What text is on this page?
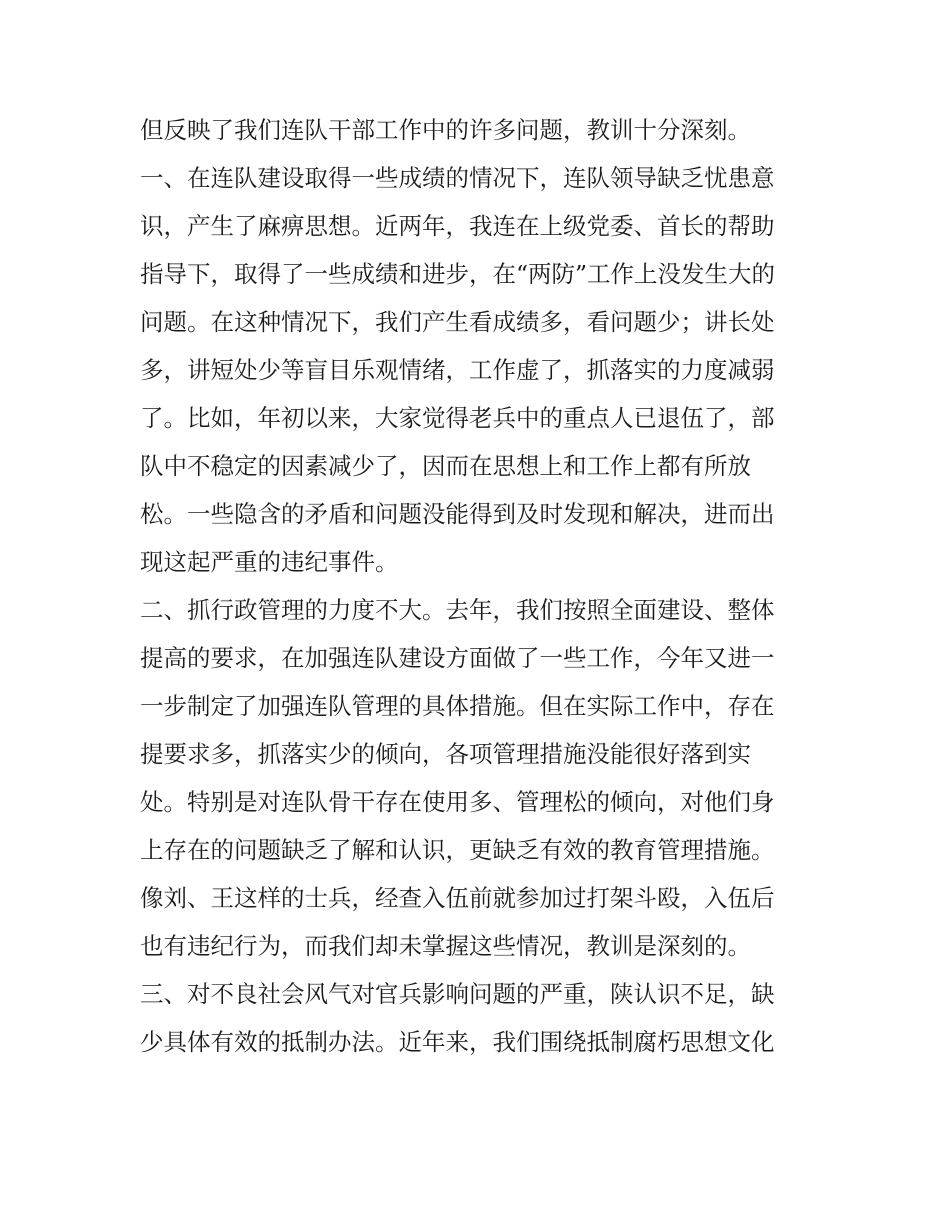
但反映了我们连队干部工作中的许多问题，教训十分深刻。
一、在连队建设取得一些成绩的情况下，连队领导缺乏忧患意
识，产生了麻痹思想。近两年，我连在上级党委、首长的帮助
指导下，取得了一些成绩和进步，在“两防”工作上没发生大的
问题。在这种情况下，我们产生看成绩多，看问题少；讲长处
多，讲短处少等盲目乐观情绪，工作虚了，抓落实的力度减弱
了。比如，年初以来，大家觉得老兵中的重点人已退伍了，部
队中不稳定的因素减少了，因而在思想上和工作上都有所放
松。一些隐含的矛盾和问题没能得到及时发现和解决，进而出
现这起严重的违纪事件。
二、抓行政管理的力度不大。去年，我们按照全面建设、整体
提高的要求，在加强连队建设方面做了一些工作，今年又进一
一步制定了加强连队管理的具体措施。但在实际工作中，存在
提要求多，抓落实少的倾向，各项管理措施没能很好落到实
处。特别是对连队骨干存在使用多、管理松的倾向，对他们身
上存在的问题缺乏了解和认识，更缺乏有效的教育管理措施。
像刘、王这样的士兵，经查入伍前就参加过打架斗殴，入伍后
也有违纪行为，而我们却未掌握这些情况，教训是深刻的。
三、对不良社会风气对官兵影响问题的严重，陕认识不足，缺
少具体有效的抵制办法。近年来，我们围绕抵制腐朽思想文化
